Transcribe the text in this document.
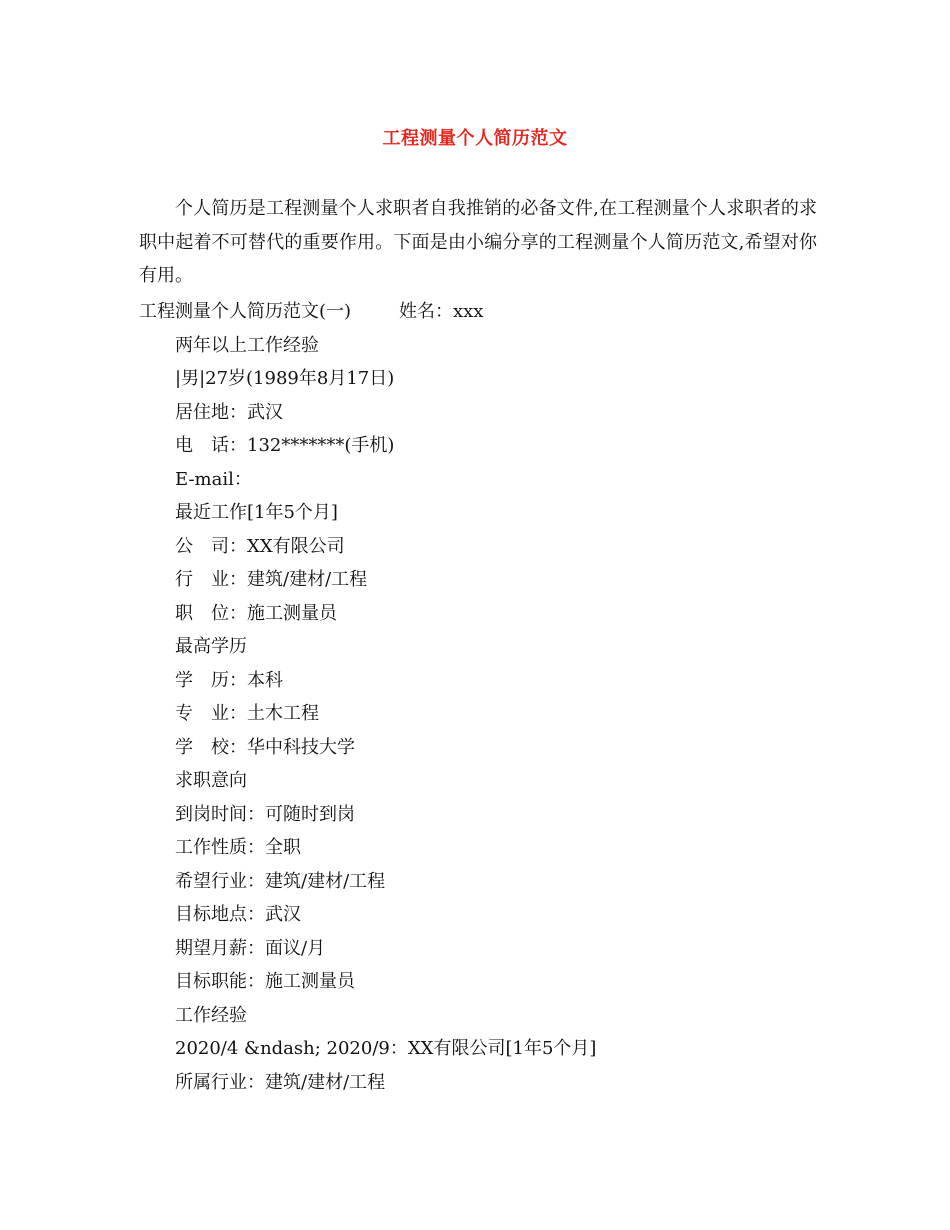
工程测量个人简历范文
个人简历是工程测量个人求职者自我推销的必备文件,在工程测量个人求职者的求职中起着不可替代的重要作用。下面是由小编分享的工程测量个人简历范文,希望对你有用。
工程测量个人简历范文(一)	姓名：xxx
两年以上工作经验
|男|27岁(1989年8月17日)
居住地：武汉
电　话：132*******(手机)
E-mail：
最近工作[1年5个月]
公　司：XX有限公司
行　业：建筑/建材/工程
职　位：施工测量员
最高学历
学　历：本科
专　业：土木工程
学　校：华中科技大学
求职意向
到岗时间：可随时到岗
工作性质：全职
希望行业：建筑/建材/工程
目标地点：武汉
期望月薪：面议/月
目标职能：施工测量员
工作经验
2020/4 &ndash; 2020/9：XX有限公司[1年5个月]
所属行业：建筑/建材/工程
